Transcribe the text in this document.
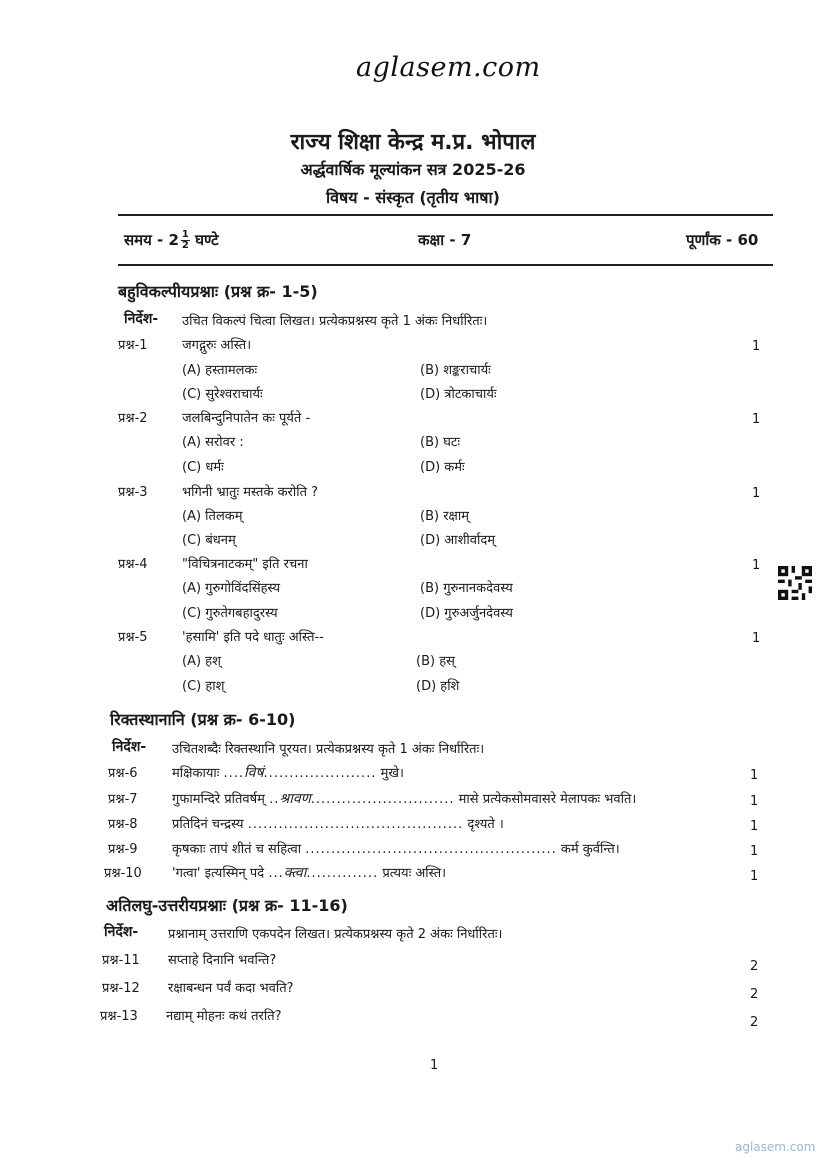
aglasem.com
राज्य शिक्षा केन्द्र म.प्र. भोपाल
अर्द्धवार्षिक मूल्यांकन सत्र 2025-26
विषय - संस्कृत (तृतीय भाषा)
समय - $2 \frac{1}{2}$ घण्टे	कक्षा - 7	पूर्णांक - 60
बहुविकल्पीयप्रश्नाः (प्रश्न क्र- 1-5)
निर्देश- उचित विकल्पं चित्वा लिखत। प्रत्येकप्रश्नस्य कृते 1 अंकः निर्धारितः।
प्रश्न-1	जगद्गुरुः अस्ति।	1
(A) हस्तामलकः	(B) शङ्कराचार्यः
(C) सुरेश्वराचार्यः	(D) त्रोटकाचार्यः
प्रश्न-2	जलबिन्दुनिपातेन कः पूर्यते -	1
(A) सरोवर :	(B) घटः
(C) धर्मः	(D) कर्मः
प्रश्न-3	भगिनी भ्रातुः मस्तके करोति ?	1
(A) तिलकम्	(B) रक्षाम्
(C) बंधनम्	(D) आशीर्वादम्
प्रश्न-4	"विचित्रनाटकम्" इति रचना	1
(A) गुरुगोविंदसिंहस्य	(B) गुरुनानकदेवस्य
(C) गुरुतेगबहादुरस्य	(D) गुरुअर्जुनदेवस्य
प्रश्न-5	'हसामि' इति पदे धातुः अस्ति--	1
(A) हश्	(B) हस्
(C) हाश्	(D) हशि
रिक्तस्थानानि (प्रश्न क्र- 6-10)
निर्देश- उचितशब्दैः रिक्तस्थानि पूरयत। प्रत्येकप्रश्नस्य कृते 1 अंकः निर्धारितः।
प्रश्न-6	मक्षिकायाः ....विषं...................... मुखे।	1
प्रश्न-7	गुफामन्दिरे प्रतिवर्षम् ..श्रावण............................ मासे प्रत्येकसोमवासरे मेलापकः भवति।	1
प्रश्न-8	प्रतिदिनं चन्द्रस्य .......................................... दृश्यते ।	1
प्रश्न-9	कृषकाः तापं शीतं च सहित्वा ................................................. कर्म कुर्वन्ति।	1
प्रश्न-10 'गत्वा' इत्यस्मिन् पदे ...क्त्वा.............. प्रत्ययः अस्ति।	1
अतिलघु-उत्तरीयप्रश्नाः (प्रश्न क्र- 11-16)
निर्देश- प्रश्नानाम् उत्तराणि एकपदेन लिखत। प्रत्येकप्रश्नस्य कृते 2 अंकः निर्धारितः।
प्रश्न-11 सप्ताहे दिनानि भवन्ति?	2
प्रश्न-12 रक्षाबन्धन पर्वं कदा भवति?	2
प्रश्न-13 नद्याम् मोहनः कथं तरति?	2
1
aglasem.com
